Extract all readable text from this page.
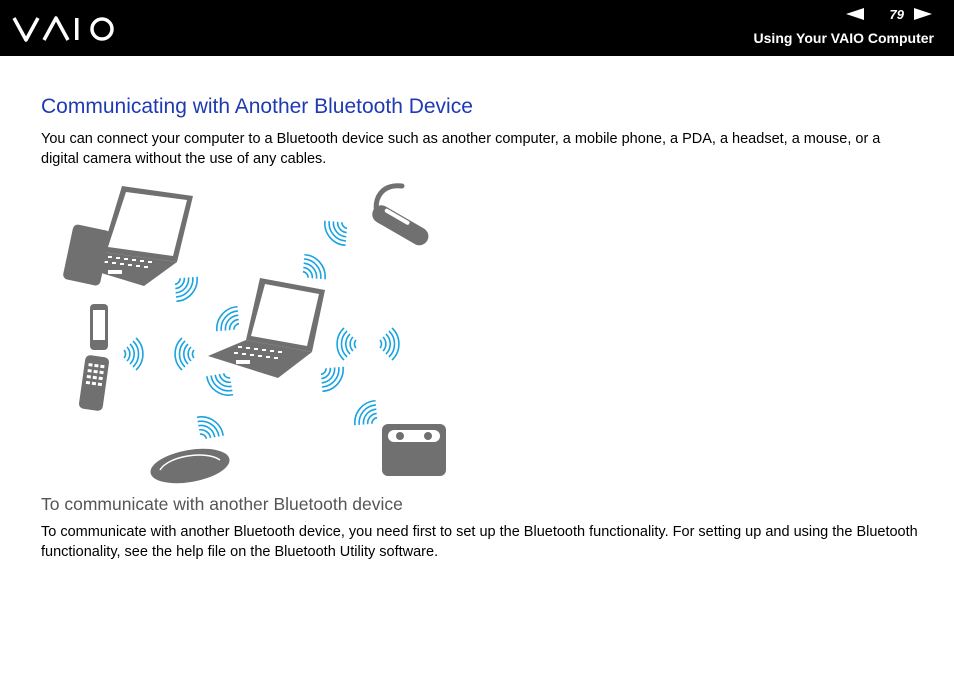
79
Using Your VAIO Computer
Communicating with Another Bluetooth Device

You can connect your computer to a Bluetooth device such as another computer, a mobile phone, a PDA, a headset, a mouse, or a digital camera without the use of any cables.

To communicate with another Bluetooth device

To communicate with another Bluetooth device, you need first to set up the Bluetooth functionality. For setting up and using the Bluetooth functionality, see the help file on the Bluetooth Utility software.
